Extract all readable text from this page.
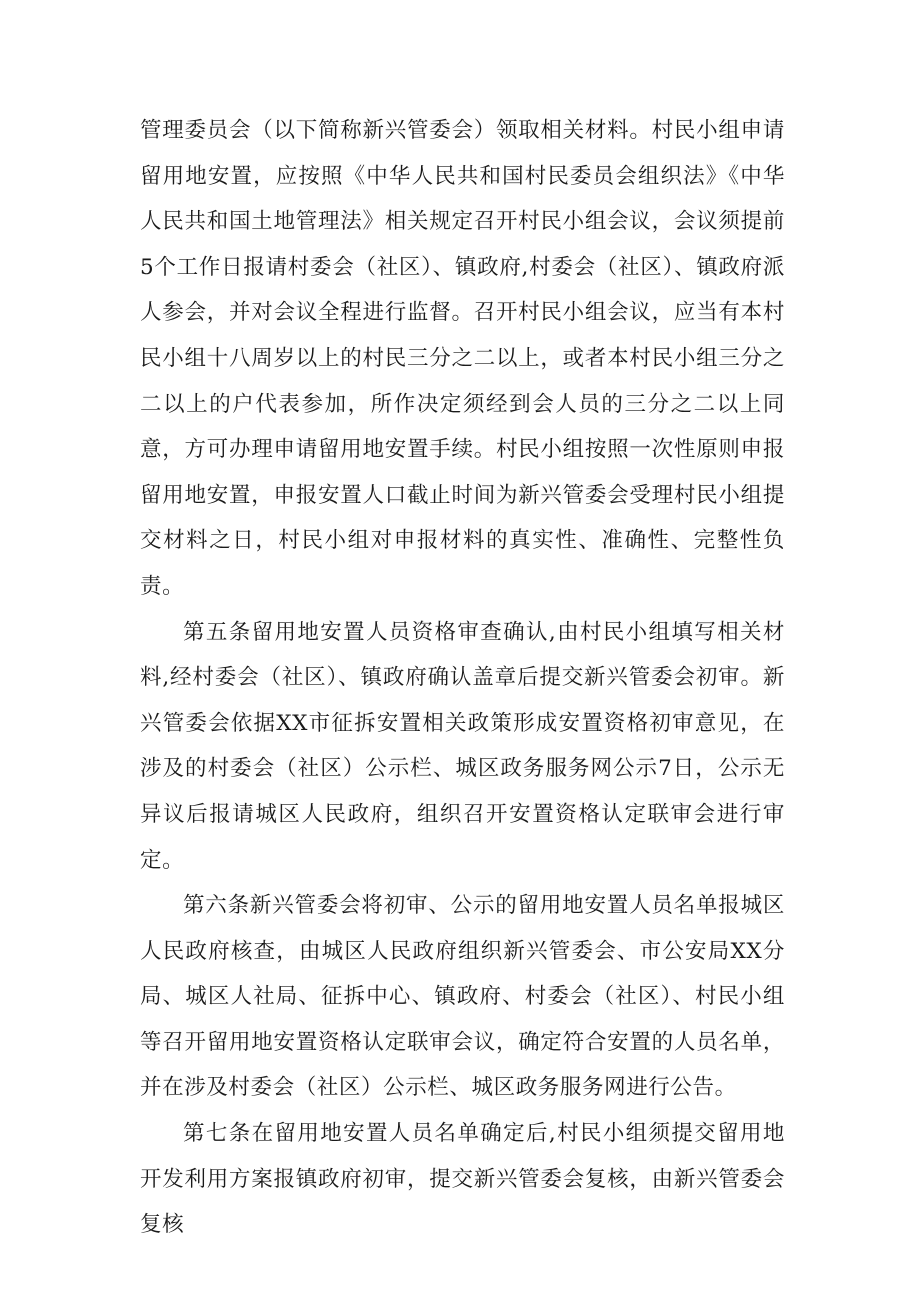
管理委员会（以下简称新兴管委会）领取相关材料。村民小组申请留用地安置，应按照《中华人民共和国村民委员会组织法》《中华人民共和国土地管理法》相关规定召开村民小组会议，会议须提前5个工作日报请村委会（社区）、镇政府,村委会（社区）、镇政府派人参会，并对会议全程进行监督。召开村民小组会议，应当有本村民小组十八周岁以上的村民三分之二以上，或者本村民小组三分之二以上的户代表参加，所作决定须经到会人员的三分之二以上同意，方可办理申请留用地安置手续。村民小组按照一次性原则申报留用地安置，申报安置人口截止时间为新兴管委会受理村民小组提交材料之日，村民小组对申报材料的真实性、准确性、完整性负责。

第五条留用地安置人员资格审查确认,由村民小组填写相关材料,经村委会（社区）、镇政府确认盖章后提交新兴管委会初审。新兴管委会依据XX市征拆安置相关政策形成安置资格初审意见，在涉及的村委会（社区）公示栏、城区政务服务网公示7日，公示无异议后报请城区人民政府，组织召开安置资格认定联审会进行审定。

第六条新兴管委会将初审、公示的留用地安置人员名单报城区人民政府核查，由城区人民政府组织新兴管委会、市公安局XX分局、城区人社局、征拆中心、镇政府、村委会（社区）、村民小组等召开留用地安置资格认定联审会议，确定符合安置的人员名单，并在涉及村委会（社区）公示栏、城区政务服务网进行公告。

第七条在留用地安置人员名单确定后,村民小组须提交留用地开发利用方案报镇政府初审，提交新兴管委会复核，由新兴管委会复核
